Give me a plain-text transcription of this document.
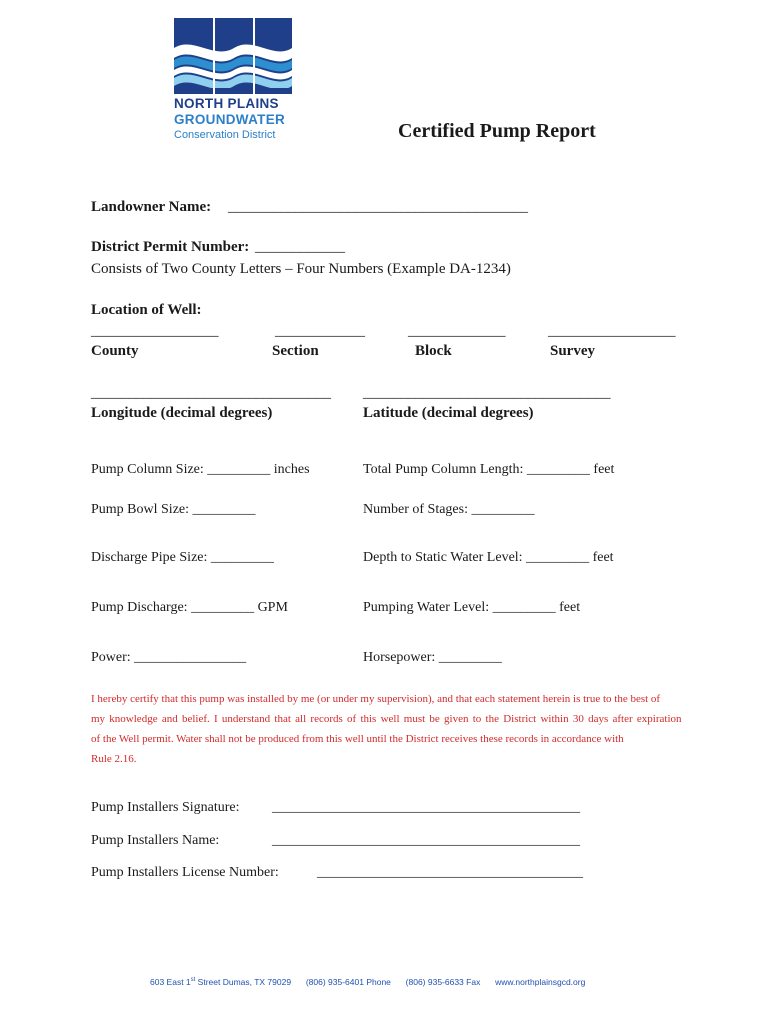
NORTH PLAINS
GROUNDWATER
Conservation District	Certified Pump Report
Landowner Name: ________________________________________
District Permit Number: ____________
Consists of Two County Letters – Four Numbers (Example DA-1234)
Location of Well:
_________________	____________	_____________	_________________
County	Section	Block	Survey
________________________________ _________________________________
Longitude (decimal degrees)	Latitude (decimal degrees)
Pump Column Size: _________ inches	Total Pump Column Length: _________ feet
Pump Bowl Size: _________	Number of Stages: _________
Discharge Pipe Size: _________	Depth to Static Water Level: _________ feet
Pump Discharge: _________ GPM	Pumping Water Level: _________ feet
Power: ________________	Horsepower: _________
I hereby certify that this pump was installed by me (or under my supervision), and that each statement herein is true to the best of
my knowledge and belief. I understand that all records of this well must be given to the District within 30 days after expiration
of the Well permit. Water shall not be produced from this well until the District receives these records in accordance with
Rule 2.16.
Pump Installers Signature: ____________________________________________
Pump Installers Name:	____________________________________________
Pump Installers License Number:	______________________________________
603 East 1st Street Dumas, TX 79029 (806) 935-6401 Phone (806) 935-6633 Fax www.northplainsgcd.org
